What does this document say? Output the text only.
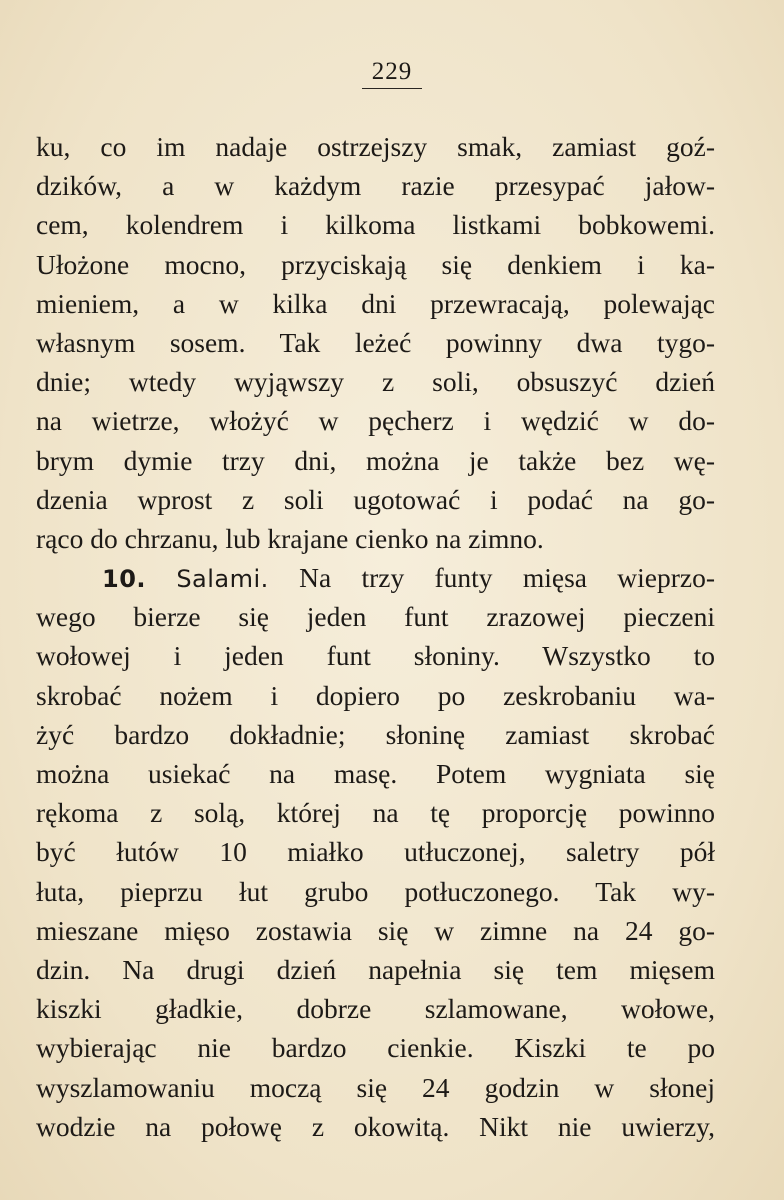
229
ku, co im nadaje ostrzejszy smak, zamiast goź-
dzików, a w każdym razie przesypać jałow-
cem, kolendrem i kilkoma listkami bobkowemi.
Ułożone mocno, przyciskają się denkiem i ka-
mieniem, a w kilka dni przewracają, polewając
własnym sosem. Tak leżeć powinny dwa tygo-
dnie; wtedy wyjąwszy z soli, obsuszyć dzień
na wietrze, włożyć w pęcherz i wędzić w do-
brym dymie trzy dni, można je także bez wę-
dzenia wprost z soli ugotować i podać na go-
rąco do chrzanu, lub krajane cienko na zimno.
10. Salami. Na trzy funty mięsa wieprzo-
wego bierze się jeden funt zrazowej pieczeni
wołowej i jeden funt słoniny. Wszystko to
skrobać nożem i dopiero po zeskrobaniu wa-
żyć bardzo dokładnie; słoninę zamiast skrobać
można usiekać na masę. Potem wygniata się
rękoma z solą, której na tę proporcję powinno
być łutów 10 miałko utłuczonej, saletry pół
łuta, pieprzu łut grubo potłuczonego. Tak wy-
mieszane mięso zostawia się w zimne na 24 go-
dzin. Na drugi dzień napełnia się tem mięsem
kiszki gładkie, dobrze szlamowane, wołowe,
wybierając nie bardzo cienkie. Kiszki te po
wyszlamowaniu moczą się 24 godzin w słonej
wodzie na połowę z okowitą. Nikt nie uwierzy,
